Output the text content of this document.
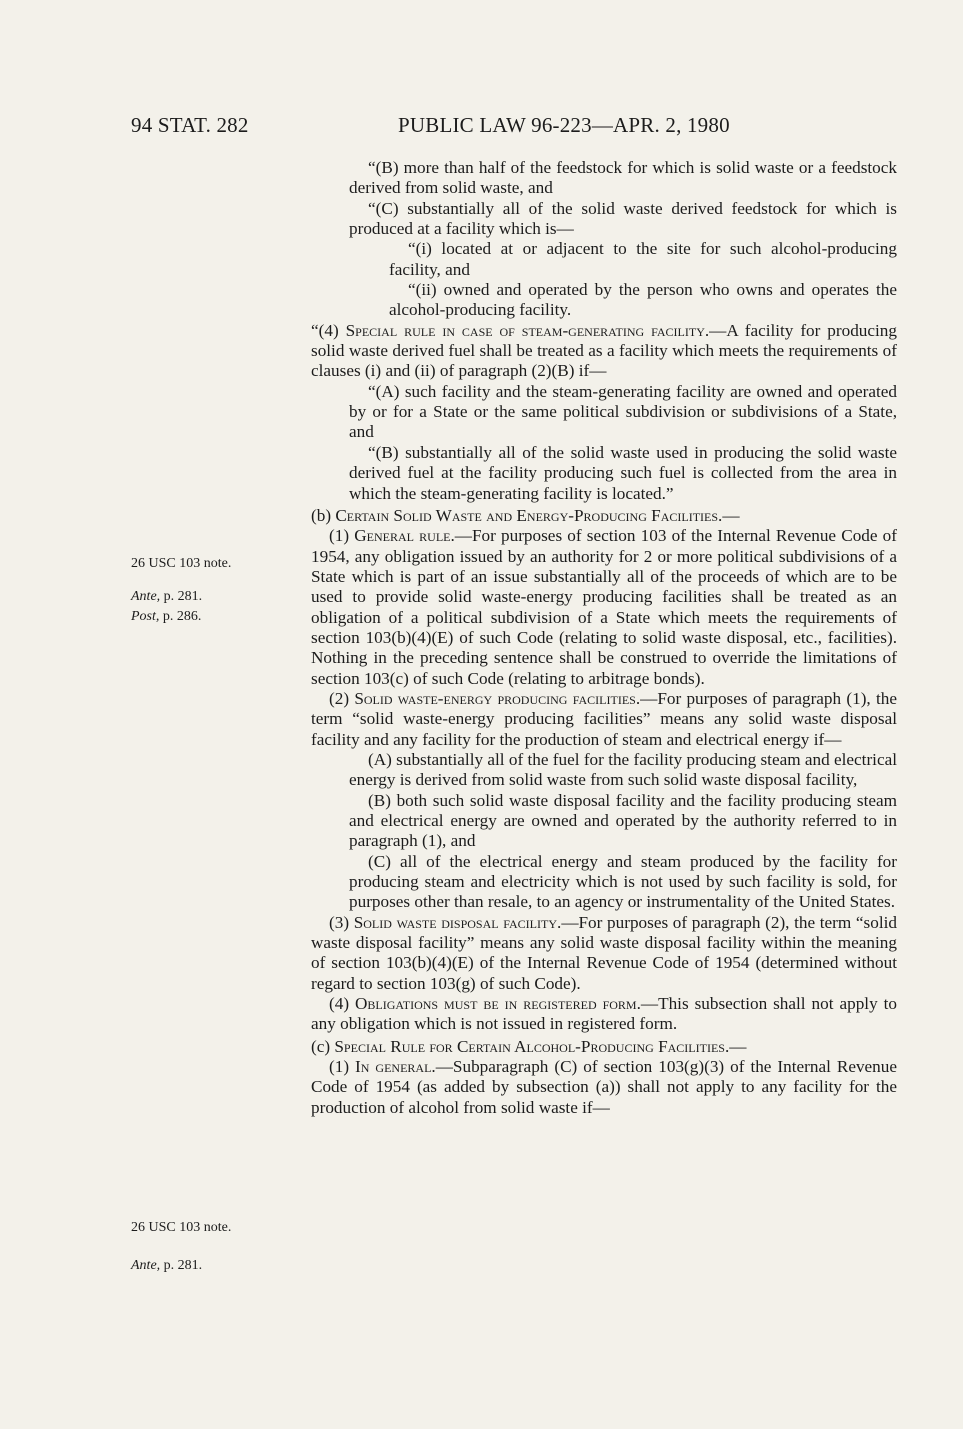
94 STAT. 282	PUBLIC LAW 96-223—APR. 2, 1980
26 USC 103 note.
Ante, p. 281.
Post, p. 286.
26 USC 103 note.
Ante, p. 281.

“(B) more than half of the feedstock for which is solid waste or a feedstock derived from solid waste, and

“(C) substantially all of the solid waste derived feedstock for which is produced at a facility which is—

“(i) located at or adjacent to the site for such alcohol-producing facility, and

“(ii) owned and operated by the person who owns and operates the alcohol-producing facility.

“(4) Special rule in case of steam-generating facility.—A facility for producing solid waste derived fuel shall be treated as a facility which meets the requirements of clauses (i) and (ii) of paragraph (2)(B) if—

“(A) such facility and the steam-generating facility are owned and operated by or for a State or the same political subdivision or subdivisions of a State, and

“(B) substantially all of the solid waste used in producing the solid waste derived fuel at the facility producing such fuel is collected from the area in which the steam-generating facility is located.”

(b) Certain Solid Waste and Energy-Producing Facilities.—

(1) General rule.—For purposes of section 103 of the Internal Revenue Code of 1954, any obligation issued by an authority for 2 or more political subdivisions of a State which is part of an issue substantially all of the proceeds of which are to be used to provide solid waste-energy producing facilities shall be treated as an obligation of a political subdivision of a State which meets the requirements of section 103(b)(4)(E) of such Code (relating to solid waste disposal, etc., facilities). Nothing in the preceding sentence shall be construed to override the limitations of section 103(c) of such Code (relating to arbitrage bonds).

(2) Solid waste-energy producing facilities.—For purposes of paragraph (1), the term “solid waste-energy producing facilities” means any solid waste disposal facility and any facility for the production of steam and electrical energy if—

(A) substantially all of the fuel for the facility producing steam and electrical energy is derived from solid waste from such solid waste disposal facility,

(B) both such solid waste disposal facility and the facility producing steam and electrical energy are owned and operated by the authority referred to in paragraph (1), and

(C) all of the electrical energy and steam produced by the facility for producing steam and electricity which is not used by such facility is sold, for purposes other than resale, to an agency or instrumentality of the United States.

(3) Solid waste disposal facility.—For purposes of paragraph (2), the term “solid waste disposal facility” means any solid waste disposal facility within the meaning of section 103(b)(4)(E) of the Internal Revenue Code of 1954 (determined without regard to section 103(g) of such Code).

(4) Obligations must be in registered form.—This subsection shall not apply to any obligation which is not issued in registered form.

(c) Special Rule for Certain Alcohol-Producing Facilities.—

(1) In general.—Subparagraph (C) of section 103(g)(3) of the Internal Revenue Code of 1954 (as added by subsection (a)) shall not apply to any facility for the production of alcohol from solid waste if—
